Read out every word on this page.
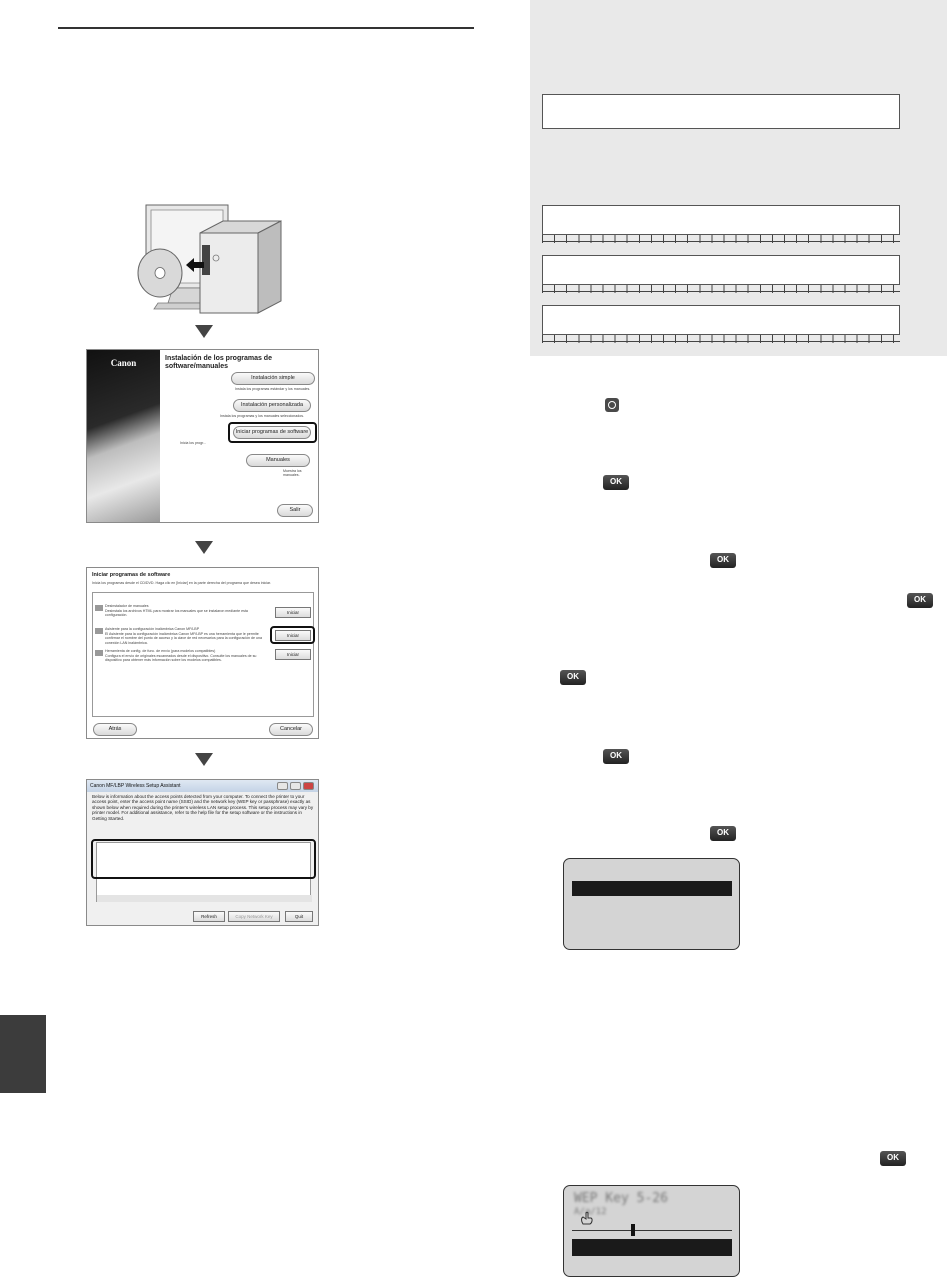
Canon	Instalación de los programas de
software/manuales
Instalación simple
Instala los programas estándar y los manuales.
Instalación personalizada
Instala los programas y los manuales seleccionados.
Iniciar programas de software
Inicia los progr...
Manuales
Muestra los manuales.
Salir
Iniciar programas de software
Inicia los programas desde el CD/DVD. Haga clic en [Iniciar] en la parte derecha del programa que desea iniciar.
Desinstalador de manuales
Desinstala los archivos HTML para mostrar los manuales que se instalaron mediante esta configuración.	Iniciar
Asistente para la configuración inalámbrica Canon MF/LBP
El Asistente para la configuración inalámbrica Canon MF/LBP es una herramienta que le permite confirmar el nombre del punto de acceso y la clave de red necesarios para la configuración de una conexión LAN inalámbrica.
Iniciar
Herramienta de config. de func. de envío (para modelos compatibles)
Configura el envío de originales escaneados desde el dispositivo. Consulte los manuales de su dispositivo para obtener más información sobre los modelos compatibles.
Iniciar
Atrás	Cancelar
Canon MF/LBP Wireless Setup Assistant
Below is information about the access points detected from your computer. To connect the printer to your access point, enter the access point name (SSID) and the network key (WEP key or passphrase) exactly as shown below when required during the printer's wireless LAN setup process. This setup process may vary by printer model. For additional assistance, refer to the help file for the setup software or the instructions in Getting Started.
Refresh	Copy Network Key	Quit
OK
OK
OK
OK
OK
OK
OK
WEP Key 5-26
A/a/12
